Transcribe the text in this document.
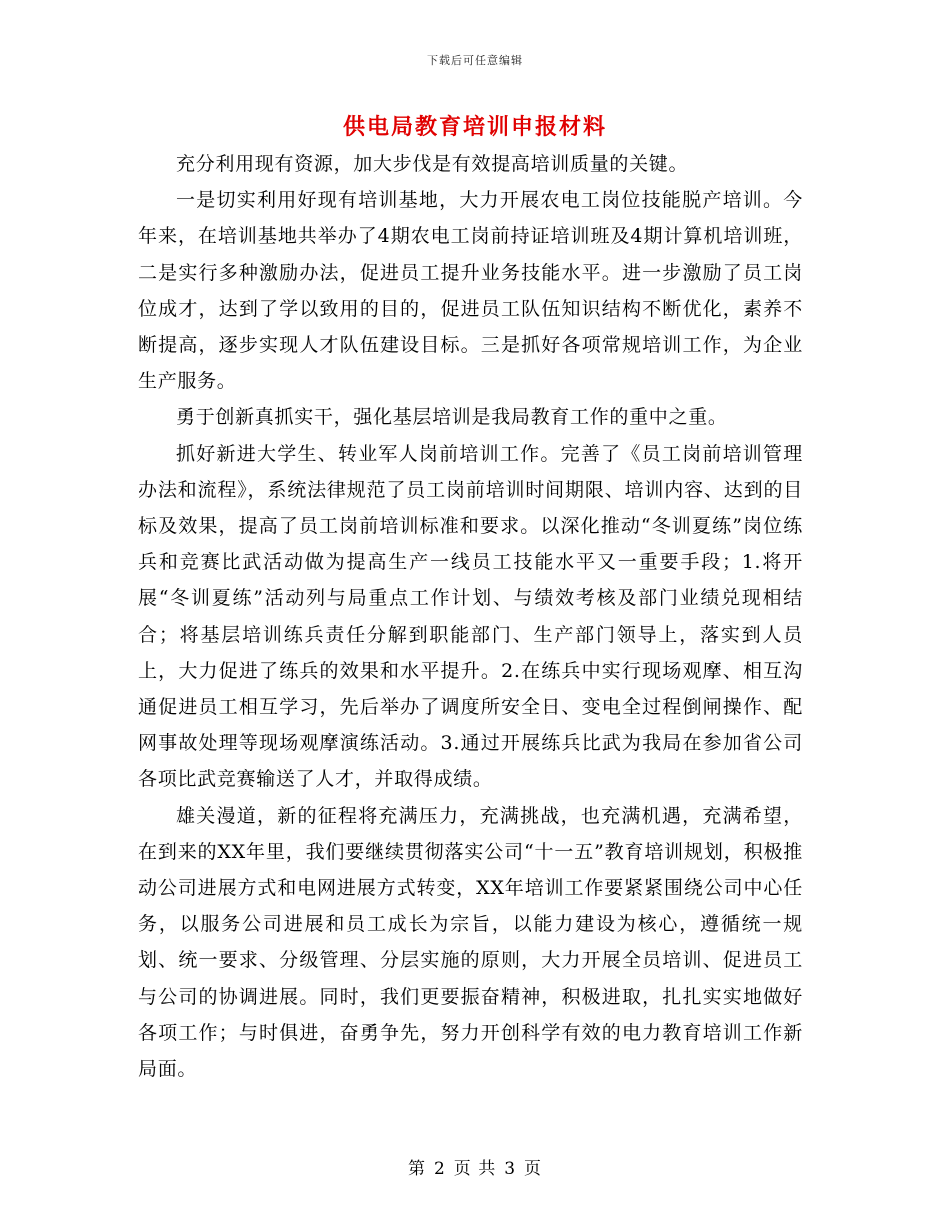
下载后可任意编辑
供电局教育培训申报材料

充分利用现有资源，加大步伐是有效提高培训质量的关键。

一是切实利用好现有培训基地，大力开展农电工岗位技能脱产培训。今年来，在培训基地共举办了4期农电工岗前持证培训班及4期计算机培训班，二是实行多种激励办法，促进员工提升业务技能水平。进一步激励了员工岗位成才，达到了学以致用的目的，促进员工队伍知识结构不断优化，素养不断提高，逐步实现人才队伍建设目标。三是抓好各项常规培训工作，为企业生产服务。

勇于创新真抓实干，强化基层培训是我局教育工作的重中之重。

抓好新进大学生、转业军人岗前培训工作。完善了《员工岗前培训管理办法和流程》，系统法律规范了员工岗前培训时间期限、培训内容、达到的目标及效果，提高了员工岗前培训标准和要求。以深化推动“冬训夏练”岗位练兵和竞赛比武活动做为提高生产一线员工技能水平又一重要手段；1.将开展“冬训夏练”活动列与局重点工作计划、与绩效考核及部门业绩兑现相结合；将基层培训练兵责任分解到职能部门、生产部门领导上，落实到人员上，大力促进了练兵的效果和水平提升。2.在练兵中实行现场观摩、相互沟通促进员工相互学习，先后举办了调度所安全日、变电全过程倒闸操作、配网事故处理等现场观摩演练活动。3.通过开展练兵比武为我局在参加省公司各项比武竞赛输送了人才，并取得成绩。

雄关漫道，新的征程将充满压力，充满挑战，也充满机遇，充满希望，在到来的XX年里，我们要继续贯彻落实公司“十一五”教育培训规划，积极推动公司进展方式和电网进展方式转变，XX年培训工作要紧紧围绕公司中心任务，以服务公司进展和员工成长为宗旨，以能力建设为核心，遵循统一规划、统一要求、分级管理、分层实施的原则，大力开展全员培训、促进员工与公司的协调进展。同时，我们更要振奋精神，积极进取，扎扎实实地做好各项工作；与时俱进，奋勇争先，努力开创科学有效的电力教育培训工作新局面。

第 2 页 共 3 页
